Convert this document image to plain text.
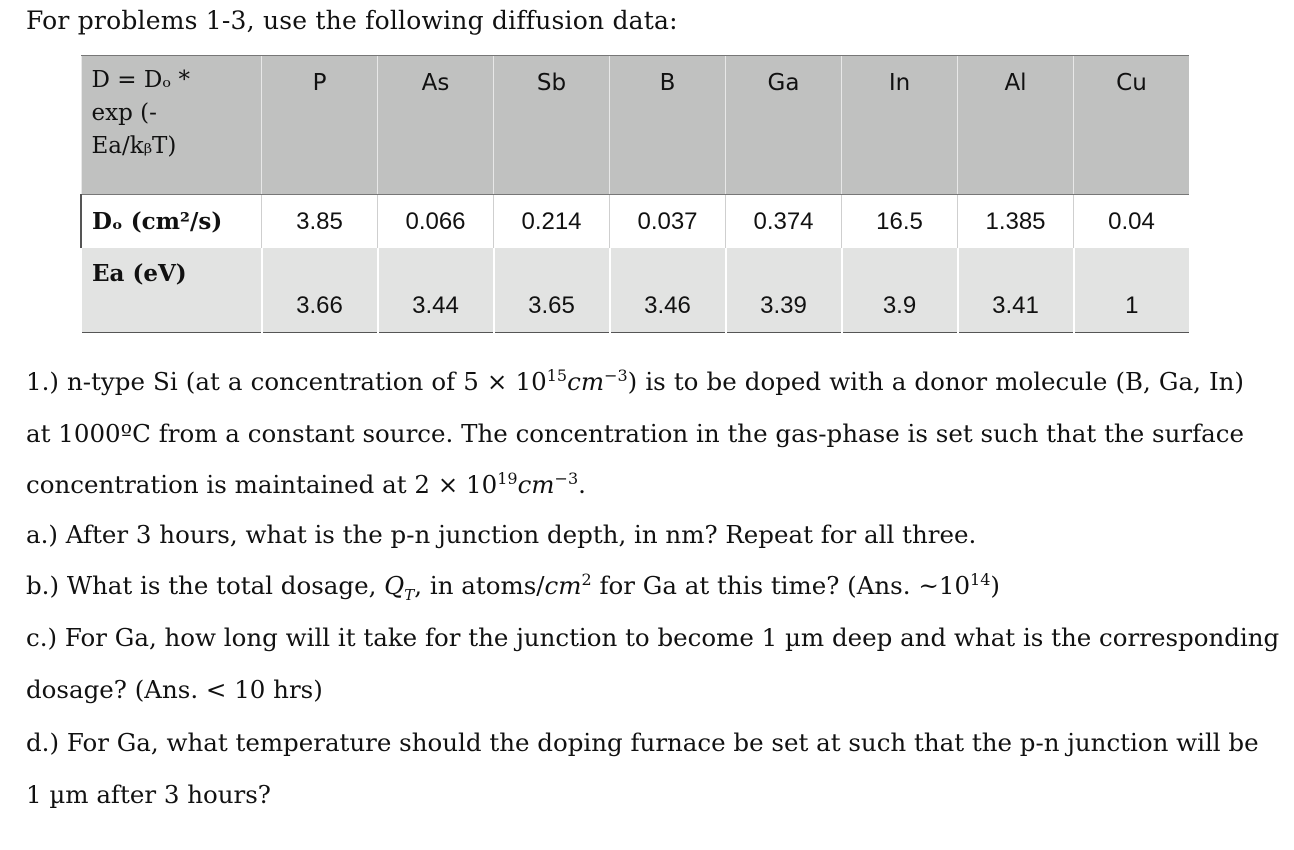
For problems 1-3, use the following diffusion data:
D = Dₒ *
exp (-
Ea/kᵦT)	P	As	Sb	B	Ga	In	Al	Cu
Dₒ (cm²/s)	3.85	0.066	0.214	0.037	0.374	16.5	1.385	0.04
Ea (eV)	3.66	3.44	3.65	3.46	3.39	3.9	3.41	1
1.) n-type Si (at a concentration of $5 \times 10^{15}cm^{-3}$) is to be doped with a donor molecule (B, Ga, In) at 1000ºC from a constant source. The concentration in the gas-phase is set such that the surface concentration is maintained at $2 \times 10^{19}cm^{-3}$.
a.) After 3 hours, what is the p-n junction depth, in nm? Repeat for all three.
b.) What is the total dosage, $Q_T$, in atoms/$cm^2$ for Ga at this time? (Ans. $\sim 10^{14}$)
c.) For Ga, how long will it take for the junction to become 1 µm deep and what is the corresponding
dosage? (Ans. < 10 hrs)
d.) For Ga, what temperature should the doping furnace be set at such that the p-n junction will be
1 µm after 3 hours?
